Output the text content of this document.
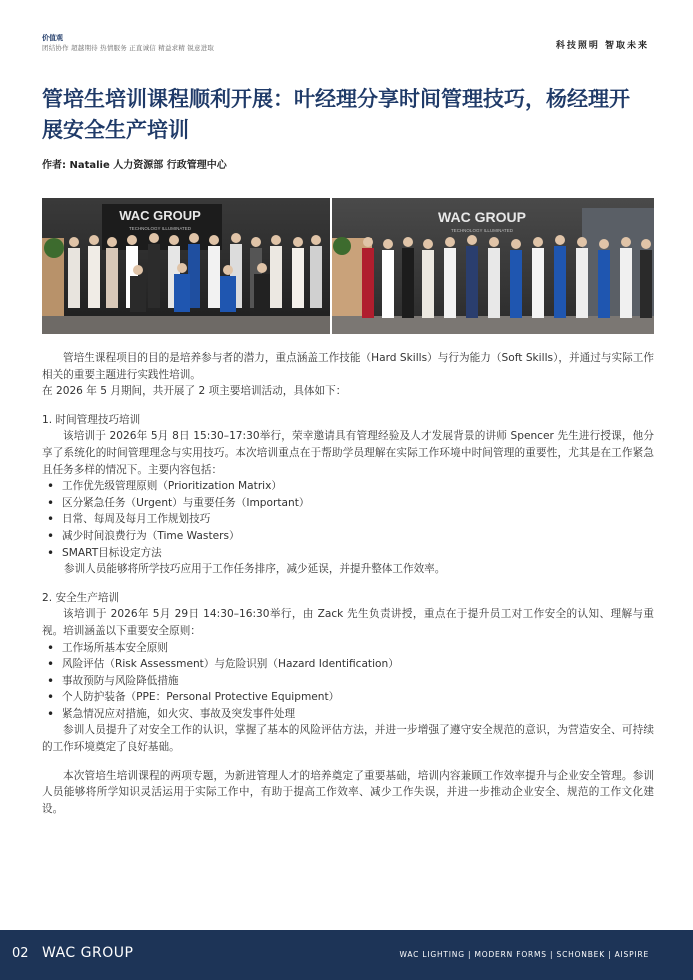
价值观
团结协作 超越期待 热情服务 正直诚信 精益求精 锐意进取	科技照明 智取未来
管培生培训课程顺利开展：叶经理分享时间管理技巧，杨经理开展安全生产培训
作者: Natalie 人力资源部 行政管理中心
WAC GROUP
TECHNOLOGY ILLUMINATED
WAC GROUP
TECHNOLOGY ILLUMINATED

管培生课程项目的目的是培养参与者的潜力，重点涵盖工作技能（Hard Skills）与行为能力（Soft Skills），并通过与实际工作相关的重要主题进行实践性培训。

在 2026 年 5 月期间，共开展了 2 项主要培训活动，具体如下：

1. 时间管理技巧培训

该培训于 2026年 5月 8日 15:30–17:30举行，荣幸邀请具有管理经验及人才发展背景的讲师 Spencer 先生进行授课，他分享了系统化的时间管理理念与实用技巧。本次培训重点在于帮助学员理解在实际工作环境中时间管理的重要性，尤其是在工作紧急且任务多样的情况下。主要内容包括：

• 工作优先级管理原则（Prioritization Matrix）
• 区分紧急任务（Urgent）与重要任务（Important）
• 日常、每周及每月工作规划技巧
• 减少时间浪费行为（Time Wasters）
• SMART目标设定方法

参训人员能够将所学技巧应用于工作任务排序，减少延误，并提升整体工作效率。

2. 安全生产培训

该培训于 2026年 5月 29日 14:30–16:30举行，由 Zack 先生负责讲授，重点在于提升员工对工作安全的认知、理解与重视。培训涵盖以下重要安全原则：

• 工作场所基本安全原则
• 风险评估（Risk Assessment）与危险识别（Hazard Identification）
• 事故预防与风险降低措施
• 个人防护装备（PPE：Personal Protective Equipment）
• 紧急情况应对措施，如火灾、事故及突发事件处理

参训人员提升了对安全工作的认识，掌握了基本的风险评估方法，并进一步增强了遵守安全规范的意识，为营造安全、可持续的工作环境奠定了良好基础。

本次管培生培训课程的两项专题，为新进管理人才的培养奠定了重要基础，培训内容兼顾工作效率提升与企业安全管理。参训人员能够将所学知识灵活运用于实际工作中，有助于提高工作效率、减少工作失误，并进一步推动企业安全、规范的工作文化建设。

02 WAC GROUP	WAC LIGHTING | MODERN FORMS | SCHONBEK | AISPIRE
